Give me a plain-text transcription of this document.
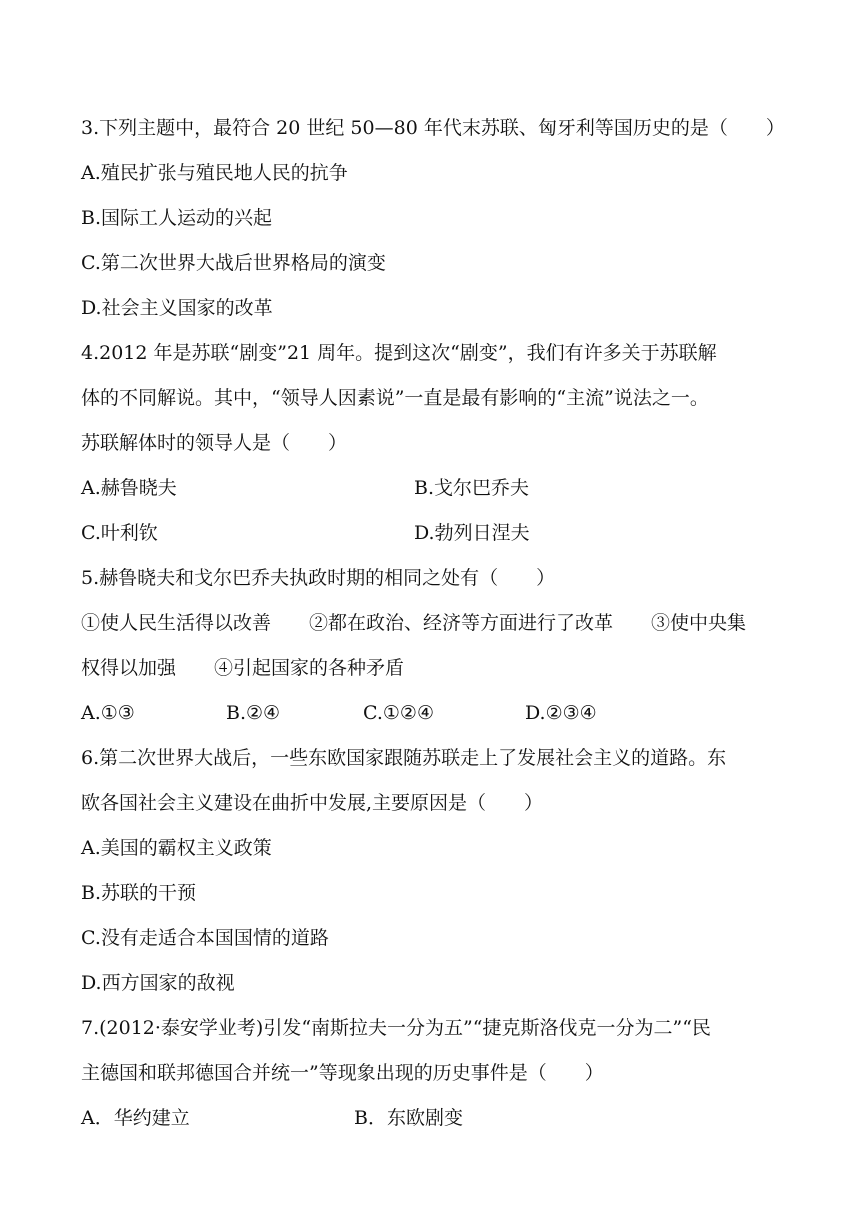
3.下列主题中，最符合 20 世纪 50—80 年代末苏联、匈牙利等国历史的是（　　）
A.殖民扩张与殖民地人民的抗争
B.国际工人运动的兴起
C.第二次世界大战后世界格局的演变
D.社会主义国家的改革
4.2012 年是苏联“剧变”21 周年。提到这次“剧变”，我们有许多关于苏联解
体的不同解说。其中，“领导人因素说”一直是最有影响的“主流”说法之一。
苏联解体时的领导人是（　　）
A.赫鲁晓夫	B.戈尔巴乔夫
C.叶利钦	D.勃列日涅夫
5.赫鲁晓夫和戈尔巴乔夫执政时期的相同之处有（　　）
①使人民生活得以改善　　②都在政治、经济等方面进行了改革　　③使中央集
权得以加强　　④引起国家的各种矛盾
A.①③	B.②④	C.①②④	D.②③④
6.第二次世界大战后，一些东欧国家跟随苏联走上了发展社会主义的道路。东
欧各国社会主义建设在曲折中发展,主要原因是（　　）
A.美国的霸权主义政策
B.苏联的干预
C.没有走适合本国国情的道路
D.西方国家的敌视
7.(2012·泰安学业考)引发“南斯拉夫一分为五”“捷克斯洛伐克一分为二”“民
主德国和联邦德国合并统一”等现象出现的历史事件是（　　）
A．华约建立	B．东欧剧变
